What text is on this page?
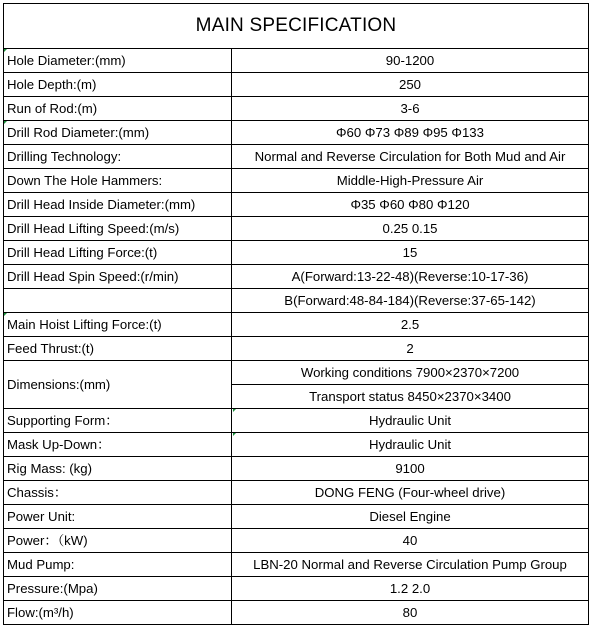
MAIN SPECIFICATION	
Hole Diameter:(mm)	90-1200
Hole Depth:(m)	250
Run of Rod:(m)	3-6
Drill Rod Diameter:(mm)	Φ60 Φ73 Φ89 Φ95 Φ133
Drilling Technology:	Normal and Reverse Circulation for Both Mud and Air
Down The Hole Hammers:	Middle-High-Pressure Air
Drill Head Inside Diameter:(mm)	Φ35 Φ60 Φ80 Φ120
Drill Head Lifting Speed:(m/s)	0.25 0.15
Drill Head Lifting Force:(t)	15
Drill Head Spin Speed:(r/min)	A(Forward:13-22-48)(Reverse:10-17-36)
	B(Forward:48-84-184)(Reverse:37-65-142)
Main Hoist Lifting Force:(t)	2.5
Feed Thrust:(t)	2
Dimensions:(mm)	Working conditions 7900×2370×7200
	Transport status 8450×2370×3400
Supporting Form：	Hydraulic Unit
Mask Up-Down：	Hydraulic Unit
Rig Mass: (kg)	9100
Chassis：	DONG FENG (Four-wheel drive)
Power Unit:	Diesel Engine
Power：（kW)	40
Mud Pump:	LBN-20 Normal and Reverse Circulation Pump Group
Pressure:(Mpa)	1.2 2.0
Flow:(m³/h)	80
